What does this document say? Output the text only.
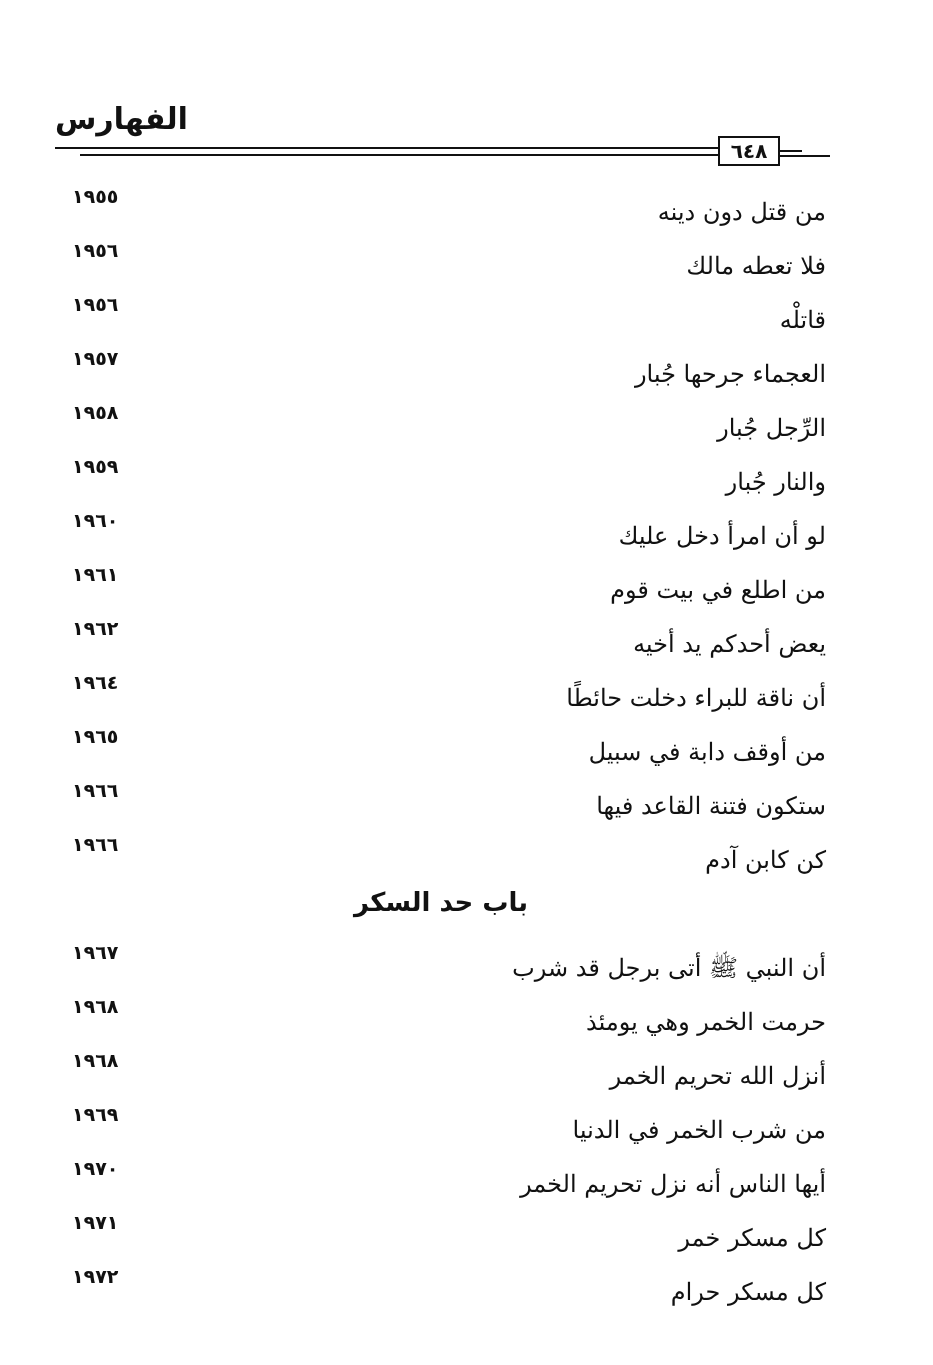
الفهارس
٦٤٨
من قتل دون دينه
١٩٥٥
فلا تعطه مالك
١٩٥٦
قاتلْه
١٩٥٦
العجماء جرحها جُبار
١٩٥٧
الرِّجل جُبار
١٩٥٨
والنار جُبار
١٩٥٩
لو أن امرأ دخل عليك
١٩٦٠
من اطلع في بيت قوم
١٩٦١
يعض أحدكم يد أخيه
١٩٦٢
أن ناقة للبراء دخلت حائطًا
١٩٦٤
من أوقف دابة في سبيل
١٩٦٥
ستكون فتنة القاعد فيها
١٩٦٦
كن كابن آدم
١٩٦٦
باب حد السكر
أن النبي ﷺ أتى برجل قد شرب
١٩٦٧
حرمت الخمر وهي يومئذ
١٩٦٨
أنزل الله تحريم الخمر
١٩٦٨
من شرب الخمر في الدنيا
١٩٦٩
أيها الناس أنه نزل تحريم الخمر
١٩٧٠
كل مسكر خمر
١٩٧١
كل مسكر حرام
١٩٧٢
